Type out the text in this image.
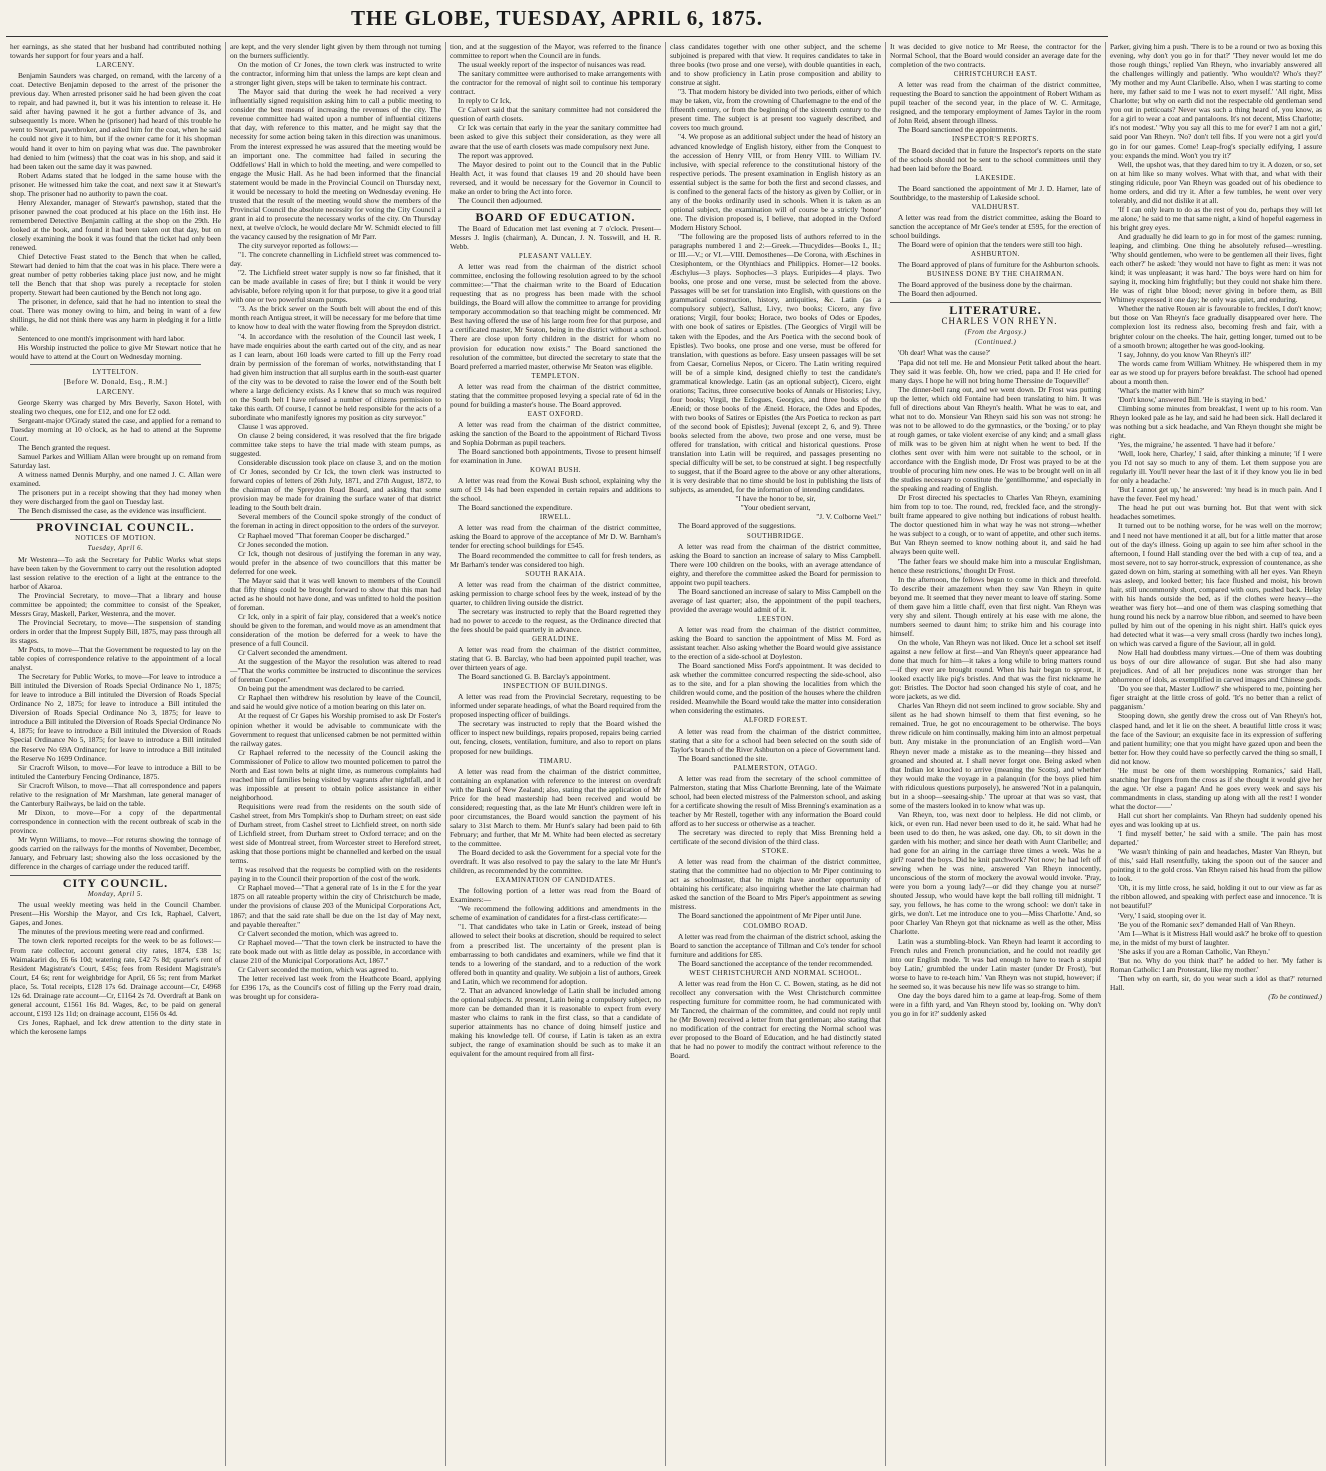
THE GLOBE, TUESDAY, APRIL 6, 1875.

her earnings, as she stated that her husband had contributed nothing towards her support for four years and a half.

LARCENY.

Benjamin Saunders was charged, on remand, with the larceny of a coat. Detective Benjamin deposed to the arrest of the prisoner the previous day. When arrested prisoner said he had been given the coat to repair, and had pawned it, but it was his intention to release it. He said after having pawned it he got a further advance of 3s, and subsequently 1s more. When he (prisoner) had heard of this trouble he went to Stewart, pawnbroker, and asked him for the coat, when he said he could not give it to him, but if the owner came for it his shopman would hand it over to him on paying what was due. The pawnbroker had denied to him (witness) that the coat was in his shop, and said it had been taken out the same day it was pawned.

Robert Adams stated that he lodged in the same house with the prisoner. He witnessed him take the coat, and next saw it at Stewart's shop. The prisoner had no authority to pawn the coat.

Henry Alexander, manager of Stewart's pawnshop, stated that the prisoner pawned the coat produced at his place on the 16th inst. He remembered Detective Benjamin calling at the shop on the 29th. He looked at the book, and found it had been taken out that day, but on closely examining the book it was found that the ticket had only been renewed.

Chief Detective Feast stated to the Bench that when he called, Stewart had denied to him that the coat was in his place. There were a great number of petty robberies taking place just now, and he might tell the Bench that that shop was purely a receptacle for stolen property. Stewart had been cautioned by the Bench not long ago.

The prisoner, in defence, said that he had no intention to steal the coat. There was money owing to him, and being in want of a few shillings, he did not think there was any harm in pledging it for a little while.

Sentenced to one month's imprisonment with hard labor.

His Worship instructed the police to give Mr Stewart notice that he would have to attend at the Court on Wednesday morning.

LYTTELTON.

[Before W. Donald, Esq., R.M.]

LARCENY.

George Skerry was charged by Mrs Beverly, Saxon Hotel, with stealing two cheques, one for £12, and one for £2 odd.

Sergeant-major O'Grady stated the case, and applied for a remand to Tuesday morning at 10 o'clock, as he had to attend at the Supreme Court.

The Bench granted the request.

Samuel Parkes and William Allan were brought up on remand from Saturday last.

A witness named Dennis Murphy, and one named J. C. Allan were examined.

The prisoners put in a receipt showing that they had money when they were discharged from the gaol on Tuesday last.

The Bench dismissed the case, as the evidence was insufficient.

PROVINCIAL COUNCIL.

NOTICES OF MOTION.

Tuesday, April 6.

Mr Westenra—To ask the Secretary for Public Works what steps have been taken by the Government to carry out the resolution adopted last session relative to the erection of a light at the entrance to the harbor of Akaroa.

The Provincial Secretary, to move—That a library and house committee be appointed; the committee to consist of the Speaker, Messrs Gray, Maskell, Parker, Westenra, and the mover.

The Provincial Secretary, to move—The suspension of standing orders in order that the Imprest Supply Bill, 1875, may pass through all its stages.

Mr Potts, to move—That the Government be requested to lay on the table copies of correspondence relative to the appointment of a local analyst.

The Secretary for Public Works, to move—For leave to introduce a Bill intituled the Diversion of Roads Special Ordinance No 1, 1875; for leave to introduce a Bill intituled the Diversion of Roads Special Ordinance No 2, 1875; for leave to introduce a Bill intituled the Diversion of Roads Special Ordinance No 3, 1875; for leave to introduce a Bill intituled the Diversion of Roads Special Ordinance No 4, 1875; for leave to introduce a Bill intituled the Diversion of Roads Special Ordinance No 5, 1875; for leave to introduce a Bill intituled the Reserve No 69A Ordinance; for leave to introduce a Bill intituled the Reserve No 1699 Ordinance.

Sir Cracroft Wilson, to move—For leave to introduce a Bill to be intituled the Canterbury Fencing Ordinance, 1875.

Sir Cracroft Wilson, to move—That all correspondence and papers relative to the resignation of Mr Marshman, late general manager of the Canterbury Railways, be laid on the table.

Mr Dixon, to move—For a copy of the departmental correspondence in connection with the recent outbreak of scab in the province.

Mr Wynn Williams, to move—For returns showing the tonnage of goods carried on the railways for the months of November, December, January, and February last; showing also the loss occasioned by the difference in the charges of carriage under the reduced tariff.

CITY COUNCIL.

Monday, April 5.

The usual weekly meeting was held in the Council Chamber. Present—His Worship the Mayor, and Crs Ick, Raphael, Calvert, Gapes, and Jones.

The minutes of the previous meeting were read and confirmed.

The town clerk reported receipts for the week to be as follows:—From rate collector, account general city rates, 1874, £38 1s; Waimakariri do, £6 6s 10d; watering rate, £42 7s 8d; quarter's rent of Resident Magistrate's Court, £45s; fees from Resident Magistrate's Court, £4 6s; rent for weighbridge for April, £6 5s; rent from Market place, 5s. Total receipts, £128 17s 6d. Drainage account—Cr, £4968 12s 6d. Drainage rate account—Cr, £1164 2s 7d. Overdraft at Bank on general account, £1561 16s 8d. Wages, &c, to be paid on general account, £193 12s 11d; on drainage account, £156 0s 4d.

Crs Jones, Raphael, and Ick drew attention to the dirty state in which the kerosene lamps

are kept, and the very slender light given by them through not turning on the burners sufficiently.

On the motion of Cr Jones, the town clerk was instructed to write the contractor, informing him that unless the lamps are kept clean and a stronger light given, steps will be taken to terminate his contract.

The Mayor said that during the week he had received a very influentially signed requisition asking him to call a public meeting to consider the best means of increasing the revenues of the city. The revenue committee had waited upon a number of influential citizens that day, with reference to this matter, and he might say that the necessity for some action being taken in this direction was unanimous. From the interest expressed he was assured that the meeting would be an important one. The committee had failed in securing the Oddfellows' Hall in which to hold the meeting, and were compelled to engage the Music Hall. As he had been informed that the financial statement would be made in the Provincial Council on Thursday next, it would be necessary to hold the meeting on Wednesday evening. He trusted that the result of the meeting would show the members of the Provincial Council the absolute necessity for voting the City Council a grant in aid to prosecute the necessary works of the city. On Thursday next, at twelve o'clock, he would declare Mr W. Schmidt elected to fill the vacancy caused by the resignation of Mr Parr.

The city surveyor reported as follows:—

"1. The concrete channelling in Lichfield street was commenced to-day.

"2. The Lichfield street water supply is now so far finished, that it can be made available in cases of fire; but I think it would be very advisable, before relying upon it for that purpose, to give it a good trial with one or two powerful steam pumps.

"3. As the brick sewer on the South belt will about the end of this month reach Antigua street, it will be necessary for me before that time to know how to deal with the water flowing from the Spreydon district.

"4. In accordance with the resolution of the Council last week, I have made enquiries about the earth carted out of the city, and as near as I can learn, about 160 loads were carted to fill up the Ferry road drain by permission of the foreman of works, notwithstanding that I had given him instruction that all surplus earth in the south-east quarter of the city was to be devoted to raise the lower end of the South belt where a large deficiency exists. As I knew that so much was required on the South belt I have refused a number of citizens permission to take this earth. Of course, I cannot be held responsible for the acts of a subordinate who manifestly ignores my position as city surveyor."

Clause 1 was approved.

On clause 2 being considered, it was resolved that the fire brigade committee take steps to have the trial made with steam pumps, as suggested.

Considerable discussion took place on clause 3, and on the motion of Cr Jones, seconded by Cr Ick, the town clerk was instructed to forward copies of letters of 26th July, 1871, and 27th August, 1872, to the chairman of the Spreydon Road Board, and asking that some provision may be made for draining the surface water of that district leading to the South belt drain.

Several members of the Council spoke strongly of the conduct of the foreman in acting in direct opposition to the orders of the surveyor.

Cr Raphael moved "That foreman Cooper be discharged."

Cr Jones seconded the motion.

Cr Ick, though not desirous of justifying the foreman in any way, would prefer in the absence of two councillors that this matter be deferred for one week.

The Mayor said that it was well known to members of the Council that fifty things could be brought forward to show that this man had acted as he should not have done, and was unfitted to hold the position of foreman.

Cr Ick, only in a spirit of fair play, considered that a week's notice should be given to the foreman, and would move as an amendment that consideration of the motion be deferred for a week to have the presence of a full Council.

Cr Calvert seconded the amendment.

At the suggestion of the Mayor the resolution was altered to read—"That the works committee be instructed to discontinue the services of foreman Cooper."

On being put the amendment was declared to be carried.

Cr Raphael then withdrew his resolution by leave of the Council, and said he would give notice of a motion bearing on this later on.

At the request of Cr Gapes his Worship promised to ask Dr Foster's opinion whether it would be advisable to communicate with the Government to request that unlicensed cabmen be not permitted within the railway gates.

Cr Raphael referred to the necessity of the Council asking the Commissioner of Police to allow two mounted policemen to patrol the North and East town belts at night time, as numerous complaints had reached him of families being visited by vagrants after nightfall, and it was impossible at present to obtain police assistance in either neighborhood.

Requisitions were read from the residents on the south side of Cashel street, from Mrs Tompkin's shop to Durham street; on east side of Durham street, from Cashel street to Lichfield street, on north side of Lichfield street, from Durham street to Oxford terrace; and on the west side of Montreal street, from Worcester street to Hereford street, asking that those portions might be channelled and kerbed on the usual terms.

It was resolved that the requests be complied with on the residents paying in to the Council their proportion of the cost of the work.

Cr Raphael moved—"That a general rate of 1s in the £ for the year 1875 on all rateable property within the city of Christchurch be made, under the provisions of clause 203 of the Municipal Corporations Act, 1867; and that the said rate shall be due on the 1st day of May next, and payable thereafter."

Cr Calvert seconded the motion, which was agreed to.

Cr Raphael moved—"That the town clerk be instructed to have the rate book made out with as little delay as possible, in accordance with clause 210 of the Municipal Corporations Act, 1867."

Cr Calvert seconded the motion, which was agreed to.

The letter received last week from the Heathcote Board, applying for £396 17s, as the Council's cost of filling up the Ferry road drain, was brought up for considera-

tion, and at the suggestion of the Mayor, was referred to the finance committee to report when the Council are in funds.

The usual weekly report of the inspector of nuisances was read.

The sanitary committee were authorised to make arrangements with the contractor for the removal of night soil to continue his temporary contract.

In reply to Cr Ick,

Cr Calvert said that the sanitary committee had not considered the question of earth closets.

Cr Ick was certain that early in the year the sanitary committee had been asked to give this subject their consideration, as they were all aware that the use of earth closets was made compulsory next June.

The report was approved.

The Mayor desired to point out to the Council that in the Public Health Act, it was found that clauses 19 and 20 should have been reversed, and it would be necessary for the Governor in Council to make an order to bring the Act into force.

The Council then adjourned.

BOARD OF EDUCATION.

The Board of Education met last evening at 7 o'clock. Present—Messrs J. Inglis (chairman), A. Duncan, J. N. Tosswill, and H. R. Webb.

PLEASANT VALLEY.

A letter was read from the chairman of the district school committee, enclosing the following resolution agreed to by the school committee:—"That the chairman write to the Board of Education requesting that as no progress has been made with the school buildings, the Board will allow the committee to arrange for providing temporary accommodation so that teaching might be commenced. Mr Best having offered the use of his large room free for that purpose, and a certificated master, Mr Seaton, being in the district without a school. There are close upon forty children in the district for whom no provision for education now exists." The Board sanctioned the resolution of the committee, but directed the secretary to state that the Board preferred a married master, otherwise Mr Seaton was eligible.

TEMPLETON.

A letter was read from the chairman of the district committee, stating that the committee proposed levying a special rate of 6d in the pound for building a master's house. The Board approved.

EAST OXFORD.

A letter was read from the chairman of the district committee, asking the sanction of the Board to the appointment of Richard Tivoss and Sophia Dobrman as pupil teachers.

The Board sanctioned both appointments, Tivose to present himself for examination in June.

KOWAI BUSH.

A letter was read from the Kowai Bush school, explaining why the sum of £9 14s had been expended in certain repairs and additions to the school.

The Board sanctioned the expenditure.

IRWELL.

A letter was read from the chairman of the district committee, asking the Board to approve of the acceptance of Mr D. W. Barnham's tender for erecting school buildings for £545.

The Board recommended the committee to call for fresh tenders, as Mr Barham's tender was considered too high.

SOUTH RAKAIA.

A letter was read from the chairman of the district committee, asking permission to charge school fees by the week, instead of by the quarter, to children living outside the district.

The secretary was instructed to reply that the Board regretted they had no power to accede to the request, as the Ordinance directed that the fees should be paid quarterly in advance.

GERALDINE.

A letter was read from the chairman of the district committee, stating that G. B. Barclay, who had been appointed pupil teacher, was over thirteen years of age.

The Board sanctioned G. B. Barclay's appointment.

INSPECTION OF BUILDINGS.

A letter was read from the Provincial Secretary, requesting to be informed under separate headings, of what the Board required from the proposed inspecting officer of buildings.

The secretary was instructed to reply that the Board wished the officer to inspect new buildings, repairs proposed, repairs being carried out, fencing, closets, ventilation, furniture, and also to report on plans proposed for new buildings.

TIMARU.

A letter was read from the chairman of the district committee, containing an explanation with reference to the interest on overdraft with the Bank of New Zealand; also, stating that the application of Mr Price for the head mastership had been received and would be considered; requesting that, as the late Mr Hunt's children were left in poor circumstances, the Board would sanction the payment of his salary to 31st March to them. Mr Hunt's salary had been paid to 6th February; and further, that Mr M. White had been elected as secretary to the committee.

The Board decided to ask the Government for a special vote for the overdraft. It was also resolved to pay the salary to the late Mr Hunt's children, as recommended by the committee.

EXAMINATION OF CANDIDATES.

The following portion of a letter was read from the Board of Examiners:—

"We recommend the following additions and amendments in the scheme of examination of candidates for a first-class certificate:—

"1. That candidates who take in Latin or Greek, instead of being allowed to select their books at discretion, should be required to select from a prescribed list. The uncertainty of the present plan is embarrassing to both candidates and examiners, while we find that it tends to a lowering of the standard, and to a reduction of the work offered both in quantity and quality. We subjoin a list of authors, Greek and Latin, which we recommend for adoption.

"2. That an advanced knowledge of Latin shall be included among the optional subjects. At present, Latin being a compulsory subject, no more can be demanded than it is reasonable to expect from every master who claims to rank in the first class, so that a candidate of superior attainments has no chance of doing himself justice and making his knowledge tell. Of course, if Latin is taken as an extra subject, the range of examination should be such as to make it an equivalent for the amount required from all first-

class candidates together with one other subject, and the scheme subjoined is prepared with that view. It requires candidates to take in three books (two prose and one verse), with double quantities in each, and to show proficiency in Latin prose composition and ability to construe at sight.

"3. That modern history be divided into two periods, either of which may be taken, viz, from the crowning of Charlemagne to the end of the fifteenth century, or from the beginning of the sixteenth century to the present time. The subject is at present too vaguely described, and covers too much ground.

"4. We propose as an additional subject under the head of history an advanced knowledge of English history, either from the Conquest to the accession of Henry VIII, or from Henry VIII. to William IV. inclusive, with special reference to the constitutional history of the respective periods. The present examination in English history as an essential subject is the same for both the first and second classes, and is confined to the general facts of the history as given by Collier, or in any of the books ordinarily used in schools. When it is taken as an optional subject, the examination will of course be a strictly 'honor' one. The division proposed is, I believe, that adopted in the Oxford Modern History School.

"The following are the proposed lists of authors referred to in the paragraphs numbered 1 and 2:—Greek.—Thucydides—Books I., II.; or III.—V.; or VI.—VIII. Demosthenes—De Corona, with Æschines in Ctesiphontem, or the Olynthiacs and Philippics. Homer—12 books. Æschylus—3 plays. Sophocles—3 plays. Euripides—4 plays. Two books, one prose and one verse, must be selected from the above. Passages will be set for translation into English, with questions on the grammatical construction, history, antiquities, &c. Latin (as a compulsory subject), Sallust, Livy, two books; Cicero, any five orations; Virgil, four books; Horace, two books of Odes or Epodes, with one book of satires or Epistles. (The Georgics of Virgil will be taken with the Epodes, and the Ars Poetica with the second book of Epistles). Two books, one prose and one verse, must be offered for translation, with questions as before. Easy unseen passages will be set from Caesar, Cornelius Nepos, or Cicero. The Latin writing required will be of a simple kind, designed chiefly to test the candidate's grammatical knowledge. Latin (as an optional subject), Cicero, eight orations; Tacitus, three consecutive books of Annals or Histories; Livy, four books; Virgil, the Eclogues, Georgics, and three books of the Æneid; or those books of the Æneid. Horace, the Odes and Epodes, with two books of Satires or Epistles (the Ars Poetica to reckon as part of the second book of Epistles); Juvenal (except 2, 6, and 9). Three books selected from the above, two prose and one verse, must be offered for translation, with critical and historical questions. Prose translation into Latin will be required, and passages presenting no special difficulty will be set, to be construed at sight. I beg respectfully to suggest, that if the Board agree to the above or any other alterations, it is very desirable that no time should be lost in publishing the lists of subjects, as amended, for the information of intending candidates.

"I have the honor to be, sir,

"Your obedient servant,

"J. V. Colborne Veel."

The Board approved of the suggestions.

SOUTHBRIDGE.

A letter was read from the chairman of the district committee, asking the Board to sanction an increase of salary to Miss Campbell. There were 100 children on the books, with an average attendance of eighty, and therefore the committee asked the Board for permission to appoint two pupil teachers.

The Board sanctioned an increase of salary to Miss Campbell on the average of last quarter; also, the appointment of the pupil teachers, provided the average would admit of it.

LEESTON.

A letter was read from the chairman of the district committee, asking the Board to sanction the appointment of Miss M. Ford as assistant teacher. Also asking whether the Board would give assistance to the erection of a side-school at Doyleston.

The Board sanctioned Miss Ford's appointment. It was decided to ask whether the committee concurred respecting the side-school, also as to the site, and for a plan showing the localities from which the children would come, and the position of the houses where the children resided. Meanwhile the Board would take the matter into consideration when considering the estimates.

ALFORD FOREST.

A letter was read from the chairman of the district committee, stating that a site for a school had been selected on the south side of Taylor's branch of the River Ashburton on a piece of Government land.

The Board sanctioned the site.

PALMERSTON, OTAGO.

A letter was read from the secretary of the school committee of Palmerston, stating that Miss Charlotte Brenning, late of the Waimate school, had been elected mistress of the Palmerston school, and asking for a certificate showing the result of Miss Brenning's examination as a teacher by Mr Restell, together with any information the Board could afford as to her success or otherwise as a teacher.

The secretary was directed to reply that Miss Brenning held a certificate of the second division of the third class.

STOKE.

A letter was read from the chairman of the district committee, stating that the committee had no objection to Mr Piper continuing to act as schoolmaster, that he might have another opportunity of obtaining his certificate; also inquiring whether the late chairman had asked the sanction of the Board to Mrs Piper's appointment as sewing mistress.

The Board sanctioned the appointment of Mr Piper until June.

COLOMBO ROAD.

A letter was read from the chairman of the district school, asking the Board to sanction the acceptance of Tillman and Co's tender for school furniture and additions for £85.

The Board sanctioned the acceptance of the tender recommended.

WEST CHRISTCHURCH AND NORMAL SCHOOL.

A letter was read from the Hon C. C. Bowen, stating, as he did not recollect any conversation with the West Christchurch committee respecting furniture for committee room, he had communicated with Mr Tancred, the chairman of the committee, and could not reply until he (Mr Bowen) received a letter from that gentleman; also stating that no modification of the contract for erecting the Normal school was ever proposed to the Board of Education, and he had distinctly stated that he had no power to modify the contract without reference to the Board.

It was decided to give notice to Mr Reese, the contractor for the Normal School, that the Board would consider an average date for the completion of the two contracts.

CHRISTCHURCH EAST.

A letter was read from the chairman of the district committee, requesting the Board to sanction the appointment of Robert Witham as pupil teacher of the second year, in the place of W. C. Armitage, resigned, and the temporary employment of James Taylor in the room of John Reid, absent through illness.

The Board sanctioned the appointments.

INSPECTOR'S REPORTS.

The Board decided that in future the Inspector's reports on the state of the schools should not be sent to the school committees until they had been laid before the Board.

LAKESIDE.

The Board sanctioned the appointment of Mr J. D. Harner, late of Southbridge, to the mastership of Lakeside school.

VALDHURST.

A letter was read from the district committee, asking the Board to sanction the acceptance of Mr Gee's tender at £595, for the erection of school buildings.

The Board were of opinion that the tenders were still too high.

ASHBURTON.

The Board approved of plans of furniture for the Ashburton schools.

BUSINESS DONE BY THE CHAIRMAN.

The Board approved of the business done by the chairman.

The Board then adjourned.

LITERATURE.

CHARLES VON RHEYN.

(From the Argosy.)

(Continued.)

'Oh dear! What was the cause?'

'Papa did not tell me. He and Monsieur Petit talked about the heart. They said it was feeble. Oh, how we cried, papa and I! He cried for many days. I hope he will not bring home Therssine de Toqueville!'

The dinner-bell rang out, and we went down. Dr Frost was putting up the letter, which old Fontaine had been translating to him. It was full of directions about Van Rheyn's health. What he was to eat, and what not to do. Monsieur Van Rheyn said his son was not strong: he was not to be allowed to do the gymnastics, or the 'boxing,' or to play at rough games, or take violent exercise of any kind; and a small glass of milk was to be given him at night when he went to bed. If the clothes sent over with him were not suitable to the school, or in accordance with the English mode, Dr Frost was prayed to be at the trouble of procuring him new ones. He was to be brought well on in all the studies necessary to constitute the 'gentilhomme,' and especially in the speaking and reading of English.

Dr Frost directed his spectacles to Charles Van Rheyn, examining him from top to toe. The round, red, freckled face, and the strongly-built frame appeared to give nothing but indications of robust health. The doctor questioned him in what way he was not strong—whether he was subject to a cough, or to want of appetite, and other such items. But Van Rheyn seemed to know nothing about it, and said he had always been quite well.

'The father fears we should make him into a muscular Englishman, hence these restrictions,' thought Dr Frost.

In the afternoon, the fellows began to come in thick and threefold. To describe their amazement when they saw Van Rheyn in quite beyond me. It seemed that they never meant to leave off staring. Some of them gave him a little chaff, even that first night. Van Rheyn was very shy and silent. Though entirely at his ease with me alone, the numbers seemed to daunt him; to strike him and his courage into himself.

On the whole, Van Rheyn was not liked. Once let a school set itself against a new fellow at first—and Van Rheyn's queer appearance had done that much for him—it takes a long while to bring matters round—if they ever are brought round. When his hair began to sprout, it looked exactly like pig's bristles. And that was the first nickname he got: Bristles. The Doctor had soon changed his style of coat, and he wore jackets, as we did.

Charles Van Rheyn did not seem inclined to grow sociable. Shy and silent as he had shown himself to them that first evening, so he remained. True, he got no encouragement to be otherwise. The boys threw ridicule on him continually, making him into an almost perpetual butt. Any mistake in the pronunciation of an English word—Van Rheyn never made a mistake as to the meaning—they hissed and groaned and shouted at. I shall never forget one. Being asked when that Indian lot knocked to arrive (meaning the Scotts), and whether they would make the voyage in a palanquin (for the boys plied him with ridiculous questions purposely), he answered 'Not in a palanquin, but in a shoop—seesaing-ship.' The uproar at that was so vast, that some of the masters looked in to know what was up.

Van Rheyn, too, was next door to helpless. He did not climb, or kick, or even run. Had never been used to do it, he said. What had he been used to do then, he was asked, one day. Oh, to sit down in the garden with his mother; and since her death with Aunt Claribelle; and had gone for an airing in the carriage three times a week. Was he a girl? roared the boys. Did he knit patchwork? Not now; he had left off sewing when he was nine, answered Van Rheyn innocently, unconscious of the storm of mockery the avowal would invoke. 'Pray, were you born a young lady?—or did they change you at nurse?' shouted Jessup, who would have kept the ball rolling till midnight. 'I say, you fellows, he has come to the wrong school: we don't take in girls, we don't. Let me introduce one to you—Miss Charlotte.' And, so poor Charley Van Rheyn got that nickname as well as the other, Miss Charlotte.

Latin was a stumbling-block. Van Rheyn had learnt it according to French rules and French pronunciation, and he could not readily get into our English mode. 'It was bad enough to have to teach a stupid boy Latin,' grumbled the under Latin master (under Dr Frost), 'but worse to have to re-teach him.' Van Rheyn was not stupid, however; if he seemed so, it was because his new life was so strange to him.

One day the boys dared him to a game at leap-frog. Some of them were in a fifth yard, and Van Rheyn stood by, looking on. 'Why don't you go in for it?' suddenly asked

Parker, giving him a push. 'There is to be a round or two as boxing this evening, why don't you go in for that?' 'They never would let me do those rough things,' replied Van Rheyn, who invariably answered all the challenges willingly and patiently. 'Who wouldn't? Who's they?' 'My mother and my Aunt Claribelle. Also, when I was starting to come here, my father said to me I was not to exert myself.' 'All right, Miss Charlotte; but why on earth did not the respectable old gentleman send you out in petticoats? Never was such a thing heard of, you know, as for a girl to wear a coat and pantaloons. It's not decent, Miss Charlotte; it's not modest.' 'Why you say all this to me for ever? I am not a girl,' said poor Van Rheyn. 'No? don't tell fibs. If you were not a girl you'd go in for our games. Come! Leap-frog's specially edifying, I assure you: expands the mind. Won't you try it?'

Well, the upshot was, that they dared him to try it. A dozen, or so, set on at him like so many wolves. What with that, and what with their stinging ridicule, poor Van Rheyn was goaded out of his obedience to home orders, and did try it. After a few tumbles, he went over very tolerably, and did not dislike it at all.

'If I can only learn to do as the rest of you do, perhaps they will let me alone,' he said to me that same night, a kind of hopeful eagerness in his bright grey eyes.

And gradually he did learn to go in for most of the games: running, leaping, and climbing. One thing he absolutely refused—wrestling. 'Why should gentlemen, who were to be gentlemen all their lives, fight each other?' he asked: 'they would not have to fight as men: it was not kind; it was unpleasant; it was hard.' The boys were hard on him for saying it, mocking him frightfully; but they could not shake him there. He was of right blue blood; never giving in before them, as Bill Whitney expressed it one day; he only was quiet, and enduring.

Whether the native Rouen air is favourable to freckles, I don't know; but those on Van Rheyn's face gradually disappeared over here. The complexion lost its redness also, becoming fresh and fair, with a brighter colour on the cheeks. The hair, getting longer, turned out to be of a smooth brown; altogether he was good-looking.

'I say, Johnny, do you know Van Rheyn's ill?'

The words came from William Whitney. He whispered them in my ear as we stood up for prayers before breakfast. The school had opened about a month then.

'What's the matter with him?'

'Don't know,' answered Bill. 'He is staying in bed.'

Climbing some minutes from breakfast, I went up to his room. Van Rheyn looked pale as he lay, and said he had been sick. Hall declared it was nothing but a sick headache, and Van Rheyn thought she might be right.

'Yes, the migraine,' he assented. 'I have had it before.'

'Well, look here, Charley,' I said, after thinking a minute; 'if I were you I'd not say so much to any of them. Let them suppose you are regularly ill. You'll never hear the last of it if they know you lie in bed for only a headache.'

'But I cannot get up,' he answered: 'my head is in much pain. And I have the fever. Feel my head.'

The head he put out was burning hot. But that went with sick headaches sometimes.

It turned out to be nothing worse, for he was well on the morrow; and I need not have mentioned it at all, but for a little matter that arose out of the day's illness. Going up again to see him after school in the afternoon, I found Hall standing over the bed with a cup of tea, and a most severe, not to say horror-struck, expression of countenance, as she gazed down on him, staring at something with all her eyes. Van Rheyn was asleep, and looked better; his face flushed and moist, his brown hair, still uncommonly short, compared with ours, pushed back. Helay with his hands outside the bed, as if the clothes were heavy—the weather was fiery hot—and one of them was clasping something that hung round his neck by a narrow blue ribbon, and seemed to have been pulled by him out of the opening in his night shirt. Hall's quick eyes had detected what it was—a very small cross (hardly two inches long), on which was carved a figure of the Saviour, all in gold.

Now Hall had doubtless many virtues.—One of them was doubting us boys of our dire allowance of sugar. But she had also many prejudices. And of all her prejudices none was stronger than her abhorrence of idols, as exemplified in carved images and Chinese gods.

'Do you see that, Master Ludlow?' she whispered to me, pointing her figer straight at the little cross of gold. 'It's no better than a relict of pagganism.'

Stooping down, she gently drew the cross out of Van Rheyn's hot, clasped hand, and let it lie on the sheet. A beautiful little cross it was; the face of the Saviour; an exquisite face in its expression of suffering and patient humility; one that you might have gazed upon and been the better for. How they could have so perfectly carved the thing so small, I did not know.

'He must be one of them worshipping Romanics,' said Hall, snatching her fingers from the cross as if she thought it would give her the ague. 'Or else a pagan! And he goes every week and says his commandments in class, standing up along with all the rest! I wonder what the doctor——'

Hall cut short her complaints. Van Rheyn had suddenly opened his eyes and was looking up at us.

'I find myself better,' he said with a smile. 'The pain has most departed.'

'We wasn't thinking of pain and headaches, Master Van Rheyn, but of this,' said Hall resentfully, taking the spoon out of the saucer and pointing it to the gold cross. Van Rheyn raised his head from the pillow to look.

'Oh, it is my little cross, he said, holding it out to our view as far as the ribbon allowed, and speaking with perfect ease and innocence. 'It is not beautiful?'

'Very,' I said, stooping over it.

'Be you of the Romanic sex?' demanded Hall of Van Rheyn.

'Am I—What is it Mistress Hall would ask?' he broke off to question me, in the midst of my burst of laughter.

'She asks if you are a Roman Catholic, Van Rheyn.'

'But no. Why do you think that?' he added to her. 'My father is Roman Catholic: I am Protestant, like my mother.'

'Then why on earth, sir, do you wear such a idol as that?' returned Hall.

(To be continued.)
